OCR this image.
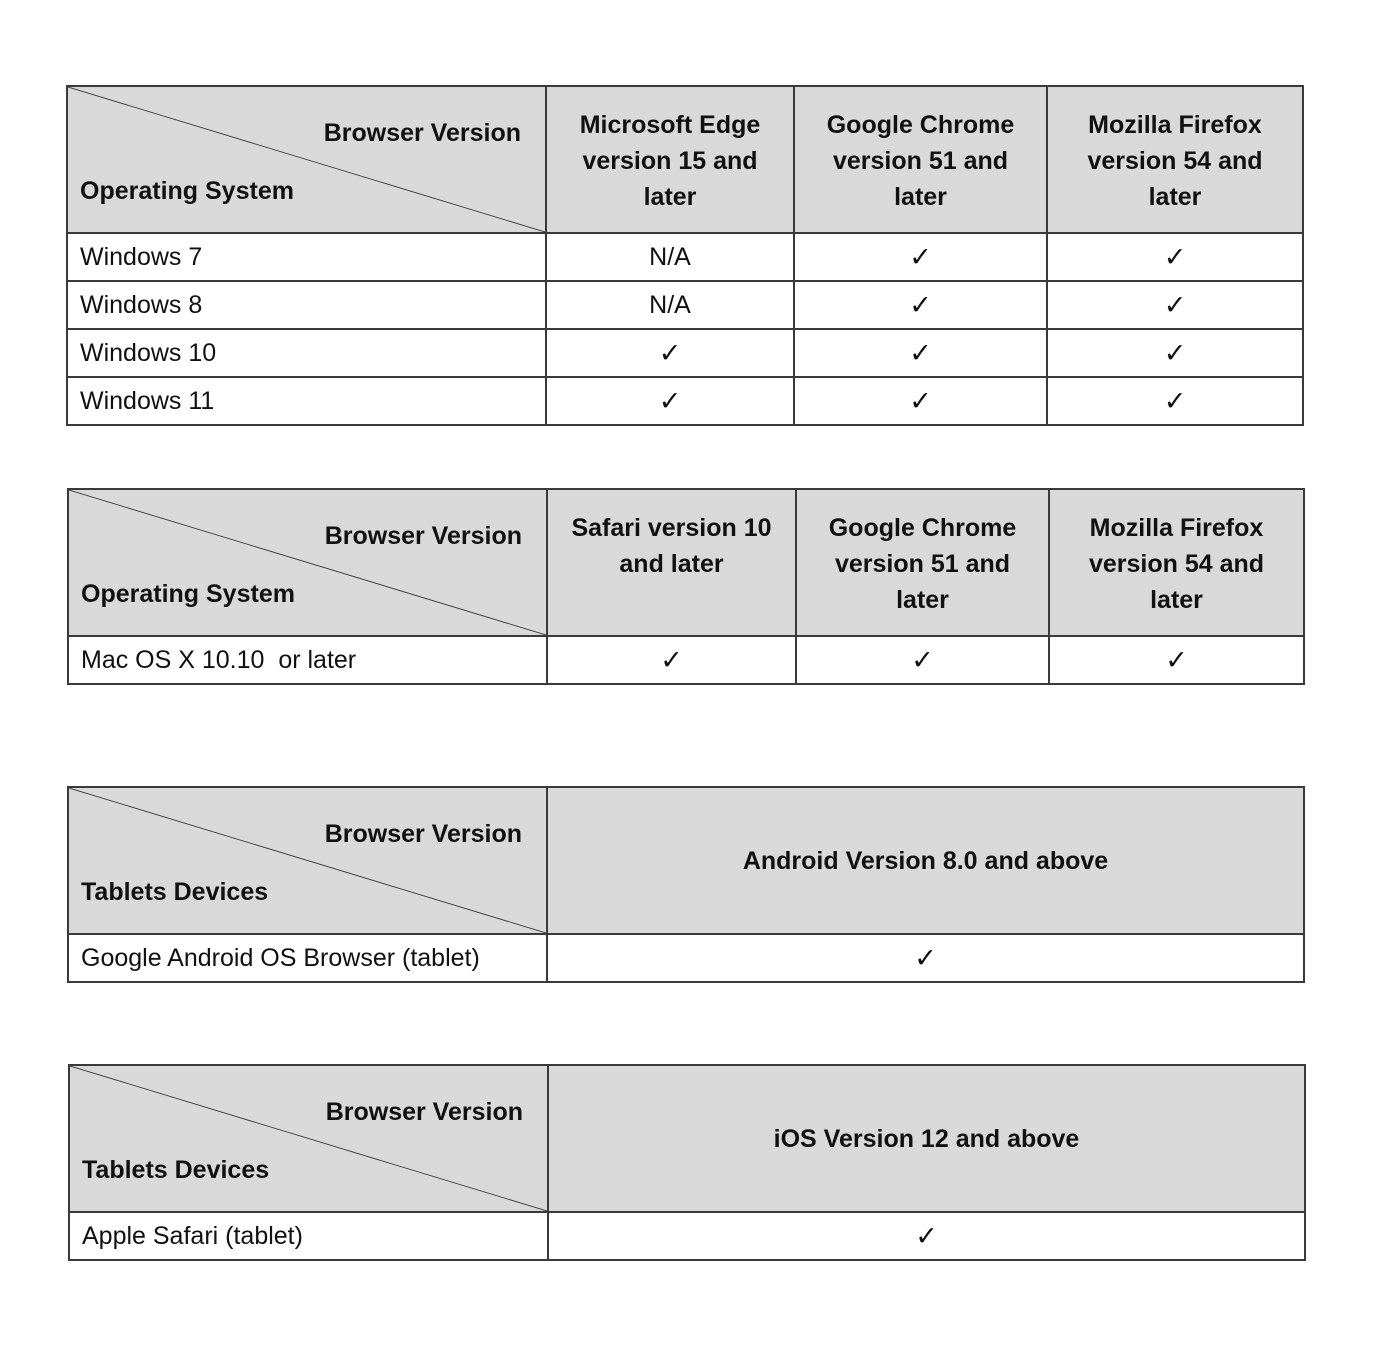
Browser Version
Operating System	Microsoft Edge version 15 and later	Google Chrome version 51 and later	Mozilla Firefox version 54 and later

Windows 7	N/A	✓	✓
Windows 8	N/A	✓	✓
Windows 10	✓	✓	✓
Windows 11	✓	✓	✓
Browser Version
Operating System	Safari version 10 and later	Google Chrome version 51 and later	Mozilla Firefox version 54 and later

Mac OS X 10.10  or later	✓	✓	✓
Browser Version
Tablets Devices	Android Version 8.0 and above

Google Android OS Browser (tablet)	✓
Browser Version
Tablets Devices	iOS Version 12 and above

Apple Safari (tablet)	✓
